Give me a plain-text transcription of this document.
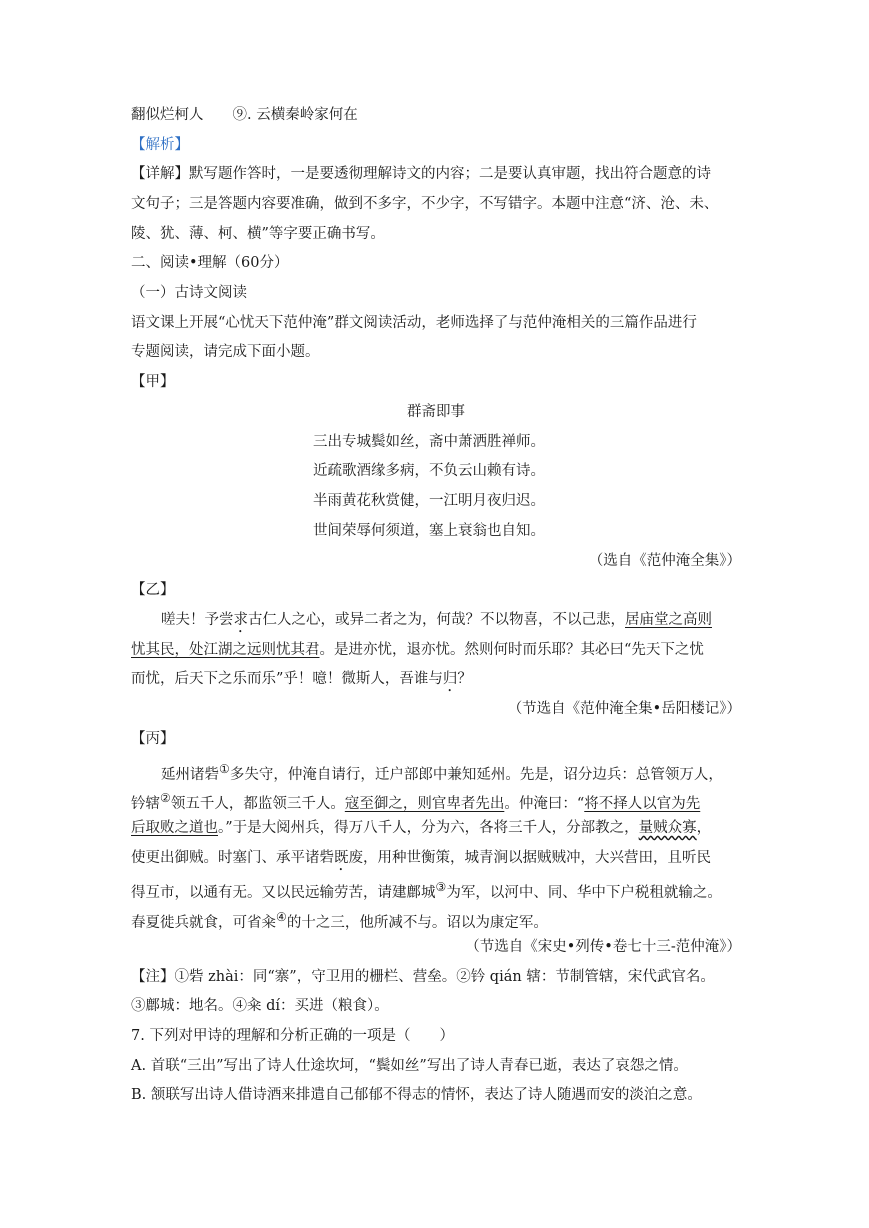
翻似烂柯人　　⑨. 云横秦岭家何在
【解析】
【详解】默写题作答时，一是要透彻理解诗文的内容；二是要认真审题，找出符合题意的诗
文句子；三是答题内容要准确，做到不多字，不少字，不写错字。本题中注意“济、沧、未、
陵、犹、薄、柯、横”等字要正确书写。
二、阅读•理解（60分）
（一）古诗文阅读
语文课上开展“心忧天下范仲淹”群文阅读活动，老师选择了与范仲淹相关的三篇作品进行
专题阅读，请完成下面小题。
【甲】
群斋即事
三出专城鬓如丝，斋中萧洒胜禅师。
近疏歌酒缘多病，不负云山赖有诗。
半雨黄花秋赏健，一江明月夜归迟。
世间荣辱何须道，塞上衰翁也自知。
（选自《范仲淹全集》）
【乙】
嗟夫！予尝求古仁人之心，或异二者之为，何哉？不以物喜，不以己悲，居庙堂之高则
忧其民，处江湖之远则忧其君。是进亦忧，退亦忧。然则何时而乐耶？其必曰“先天下之忧
而忧，后天下之乐而乐”乎！噫！微斯人，吾谁与归？
（节选自《范仲淹全集•岳阳楼记》）
【丙】
延州诸砦①多失守，仲淹自请行，迁户部郎中兼知延州。先是，诏分边兵：总管领万人，
钤辖②领五千人，都监领三千人。寇至御之，则官卑者先出。仲淹曰：“将不择人以官为先
后取败之道也。”于是大阅州兵，得万八千人，分为六，各将三千人，分部教之，量贼众寡，
使更出御贼。时塞门、承平诸砦既废，用种世衡策，城青涧以据贼贼冲，大兴营田，且听民
得互市，以通有无。又以民远输劳苦，请建鄜城③为军，以河中、同、华中下户税租就输之。
春夏徙兵就食，可省籴④的十之三，他所减不与。诏以为康定军。
（节选自《宋史•列传•卷七十三-范仲淹》）
【注】①砦 zhài：同“寨”，守卫用的栅栏、营垒。②钤 qián 辖：节制管辖，宋代武官名。
③鄜城：地名。④籴 dí：买进（粮食）。
7. 下列对甲诗的理解和分析正确的一项是（　　）
A. 首联“三出”写出了诗人仕途坎坷，“鬓如丝”写出了诗人青春已逝，表达了哀怨之情。
B. 颔联写出诗人借诗酒来排遣自己郁郁不得志的情怀，表达了诗人随遇而安的淡泊之意。
